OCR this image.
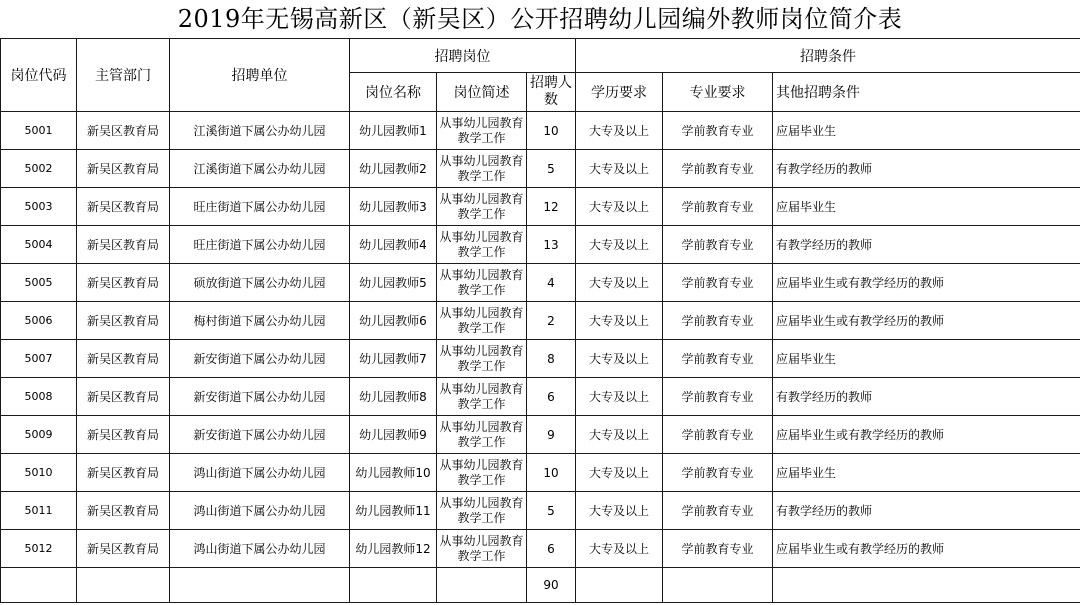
2019年无锡高新区（新吴区）公开招聘幼儿园编外教师岗位简介表
岗位代码	主管部门	招聘单位	招聘岗位			招聘条件		
			岗位名称	岗位简述	招聘人数	学历要求	专业要求	其他招聘条件
5001	新吴区教育局	江溪街道下属公办幼儿园	幼儿园教师1	从事幼儿园教育教学工作	10	大专及以上	学前教育专业	应届毕业生
5002	新吴区教育局	江溪街道下属公办幼儿园	幼儿园教师2	从事幼儿园教育教学工作	5	大专及以上	学前教育专业	有教学经历的教师
5003	新吴区教育局	旺庄街道下属公办幼儿园	幼儿园教师3	从事幼儿园教育教学工作	12	大专及以上	学前教育专业	应届毕业生
5004	新吴区教育局	旺庄街道下属公办幼儿园	幼儿园教师4	从事幼儿园教育教学工作	13	大专及以上	学前教育专业	有教学经历的教师
5005	新吴区教育局	硕放街道下属公办幼儿园	幼儿园教师5	从事幼儿园教育教学工作	4	大专及以上	学前教育专业	应届毕业生或有教学经历的教师
5006	新吴区教育局	梅村街道下属公办幼儿园	幼儿园教师6	从事幼儿园教育教学工作	2	大专及以上	学前教育专业	应届毕业生或有教学经历的教师
5007	新吴区教育局	新安街道下属公办幼儿园	幼儿园教师7	从事幼儿园教育教学工作	8	大专及以上	学前教育专业	应届毕业生
5008	新吴区教育局	新安街道下属公办幼儿园	幼儿园教师8	从事幼儿园教育教学工作	6	大专及以上	学前教育专业	有教学经历的教师
5009	新吴区教育局	新安街道下属公办幼儿园	幼儿园教师9	从事幼儿园教育教学工作	9	大专及以上	学前教育专业	应届毕业生或有教学经历的教师
5010	新吴区教育局	鸿山街道下属公办幼儿园	幼儿园教师10	从事幼儿园教育教学工作	10	大专及以上	学前教育专业	应届毕业生
5011	新吴区教育局	鸿山街道下属公办幼儿园	幼儿园教师11	从事幼儿园教育教学工作	5	大专及以上	学前教育专业	有教学经历的教师
5012	新吴区教育局	鸿山街道下属公办幼儿园	幼儿园教师12	从事幼儿园教育教学工作	6	大专及以上	学前教育专业	应届毕业生或有教学经历的教师
					90			
